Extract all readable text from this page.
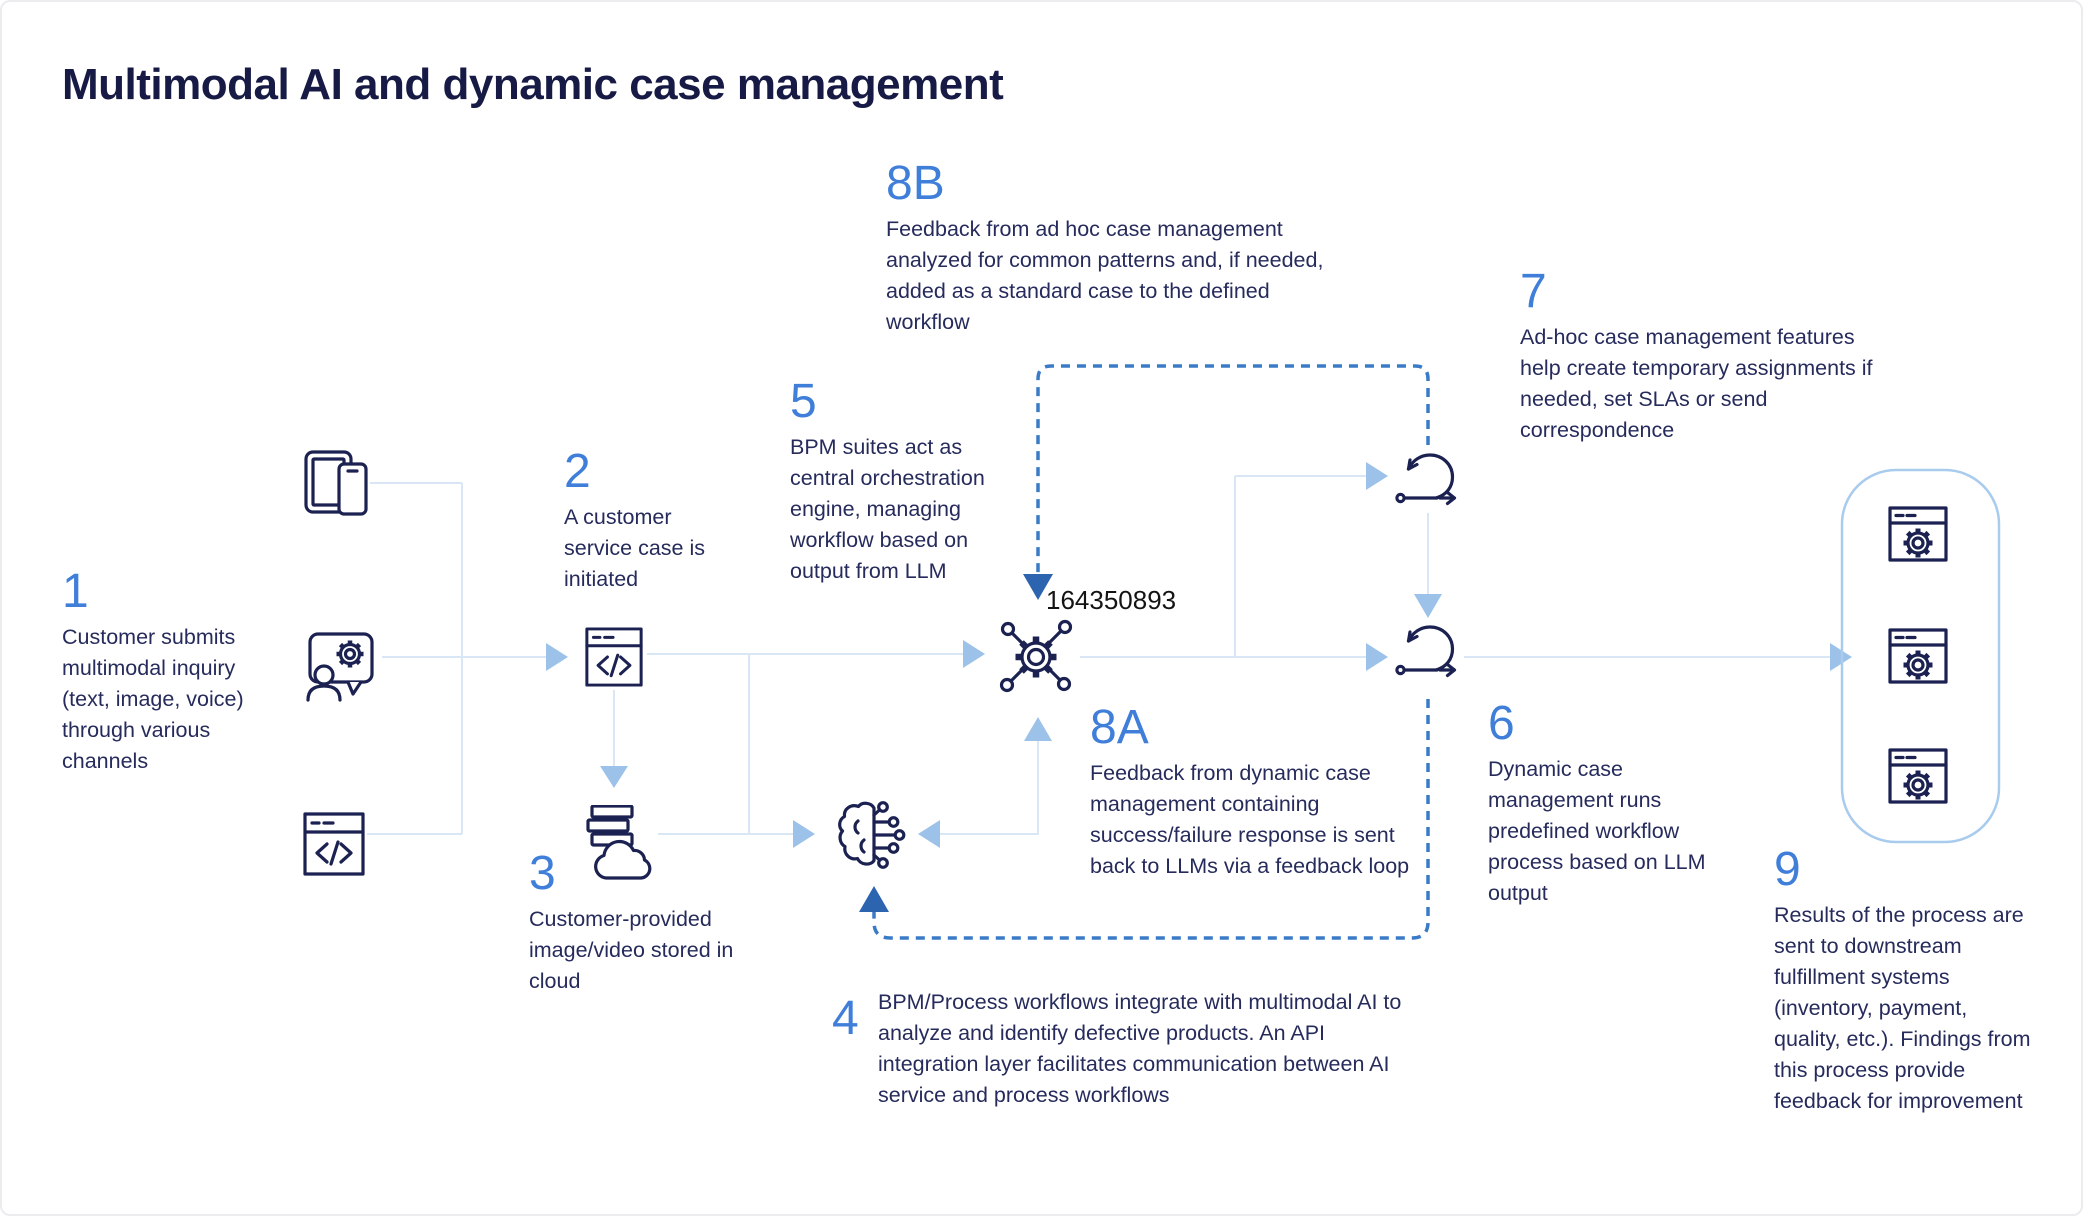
Multimodal AI and dynamic case management
164350893
1
Customer submits multimodal inquiry (text, image, voice) through various channels
2
A customer service case is initiated
3
Customer-provided image/video stored in cloud
4 BPM/Process workflows integrate with multimodal AI to analyze and identify defective products. An API integration layer facilitates communication between AI service and process workflows
5
BPM suites act as central orchestration engine, managing workflow based on output from LLM
6
Dynamic case management runs predefined workflow process based on LLM output
7
Ad-hoc case management features help create temporary assignments if needed, set SLAs or send correspondence
8A
Feedback from dynamic case management containing success/failure response is sent back to LLMs via a feedback loop
8B
Feedback from ad hoc case management analyzed for common patterns and, if needed, added as a standard case to the defined workflow
9
Results of the process are sent to downstream fulfillment systems (inventory, payment, quality, etc.). Findings from this process provide feedback for improvement
